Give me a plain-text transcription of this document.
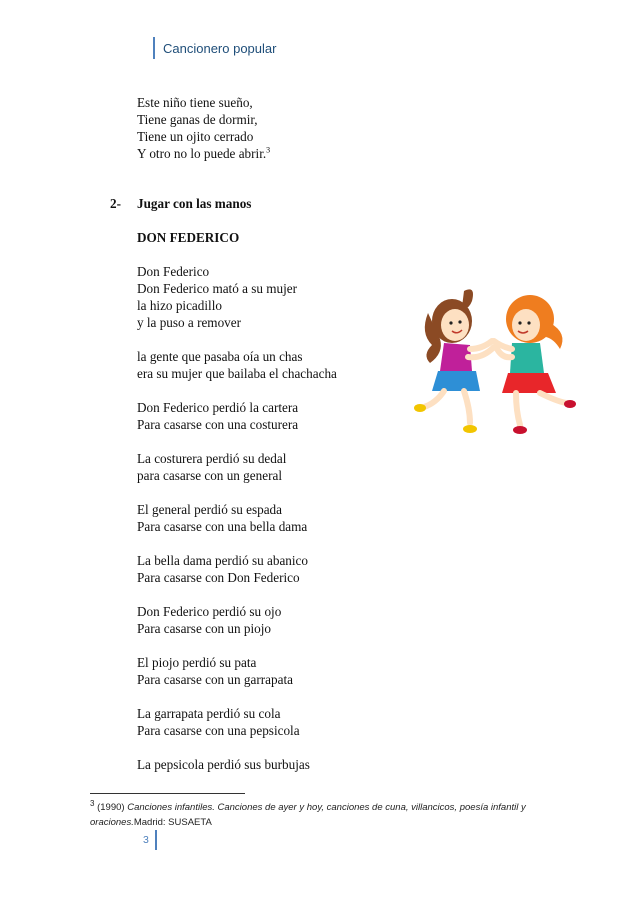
Cancionero popular
Este niño tiene sueño,
Tiene ganas de dormir,
Tiene un ojito cerrado
Y otro no lo puede abrir.$^3$
2- Jugar con las manos
DON FEDERICO
Don Federico
Don Federico mató a su mujer
la hizo picadillo
y la puso a remover
la gente que pasaba oía un chas
era su mujer que bailaba el chachacha
Don Federico perdió la cartera
Para casarse con una costurera
La costurera perdió su dedal
para casarse con un general
El general perdió su espada
Para casarse con una bella dama
La bella dama perdió su abanico
Para casarse con Don Federico
Don Federico perdió su ojo
Para casarse con un piojo
El piojo perdió su pata
Para casarse con un garrapata
La garrapata perdió su cola
Para casarse con una pepsicola
La pepsicola perdió sus burbujas
$^3$ (1990) Canciones infantiles. Canciones de ayer y hoy, canciones de cuna, villancicos, poesía infantil y oraciones.Madrid: SUSAETA
3
